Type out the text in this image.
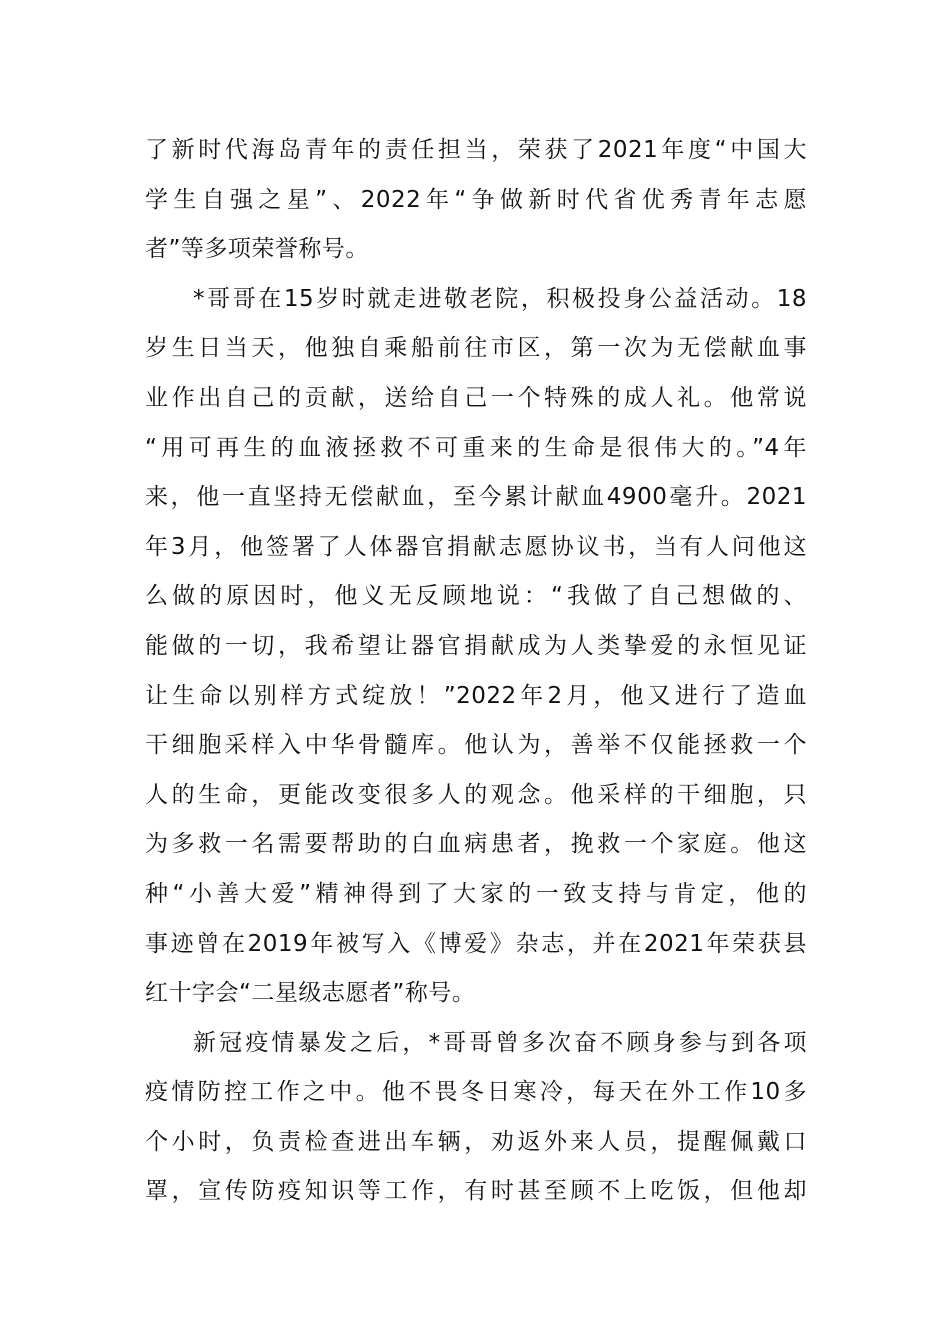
了新时代海岛青年的责任担当，荣获了2021年度“中国大
学生自强之星”、2022年“争做新时代省优秀青年志愿
者”等多项荣誉称号。
*哥哥在15岁时就走进敬老院，积极投身公益活动。18
岁生日当天，他独自乘船前往市区，第一次为无偿献血事
业作出自己的贡献，送给自己一个特殊的成人礼。他常说
“用可再生的血液拯救不可重来的生命是很伟大的。”4年
来，他一直坚持无偿献血，至今累计献血4900毫升。2021
年3月，他签署了人体器官捐献志愿协议书，当有人问他这
么做的原因时，他义无反顾地说：“我做了自己想做的、
能做的一切，我希望让器官捐献成为人类挚爱的永恒见证
让生命以别样方式绽放！”2022年2月，他又进行了造血
干细胞采样入中华骨髓库。他认为，善举不仅能拯救一个
人的生命，更能改变很多人的观念。他采样的干细胞，只
为多救一名需要帮助的白血病患者，挽救一个家庭。他这
种“小善大爱”精神得到了大家的一致支持与肯定，他的
事迹曾在2019年被写入《博爱》杂志，并在2021年荣获县
红十字会“二星级志愿者”称号。
新冠疫情暴发之后，*哥哥曾多次奋不顾身参与到各项
疫情防控工作之中。他不畏冬日寒冷，每天在外工作10多
个小时，负责检查进出车辆，劝返外来人员，提醒佩戴口
罩，宣传防疫知识等工作，有时甚至顾不上吃饭，但他却
